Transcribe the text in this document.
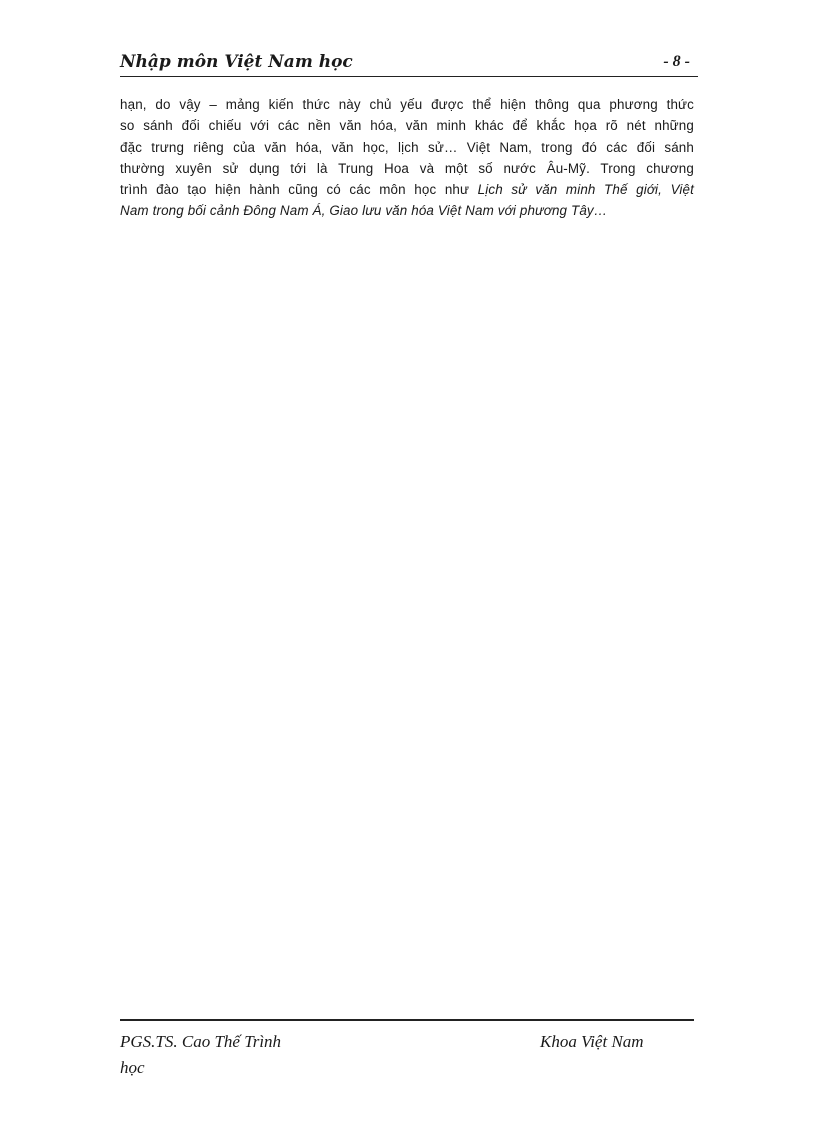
Nhập môn Việt Nam học	- 8 -
hạn, do vậy – mảng kiến thức này chủ yếu được thể hiện thông qua phương thức
so sánh đối chiếu với các nền văn hóa, văn minh khác để khắc họa rõ nét những
đặc trưng riêng của văn hóa, văn học, lịch sử… Việt Nam, trong đó các đối sánh
thường xuyên sử dụng tới là Trung Hoa và một số nước Âu-Mỹ. Trong chương
trình đào tạo hiện hành cũng có các môn học như Lịch sử văn minh Thế giới, Việt
Nam trong bối cảnh Đông Nam Á, Giao lưu văn hóa Việt Nam với phương Tây…
PGS.TS. Cao Thế Trình
học
Khoa Việt Nam
